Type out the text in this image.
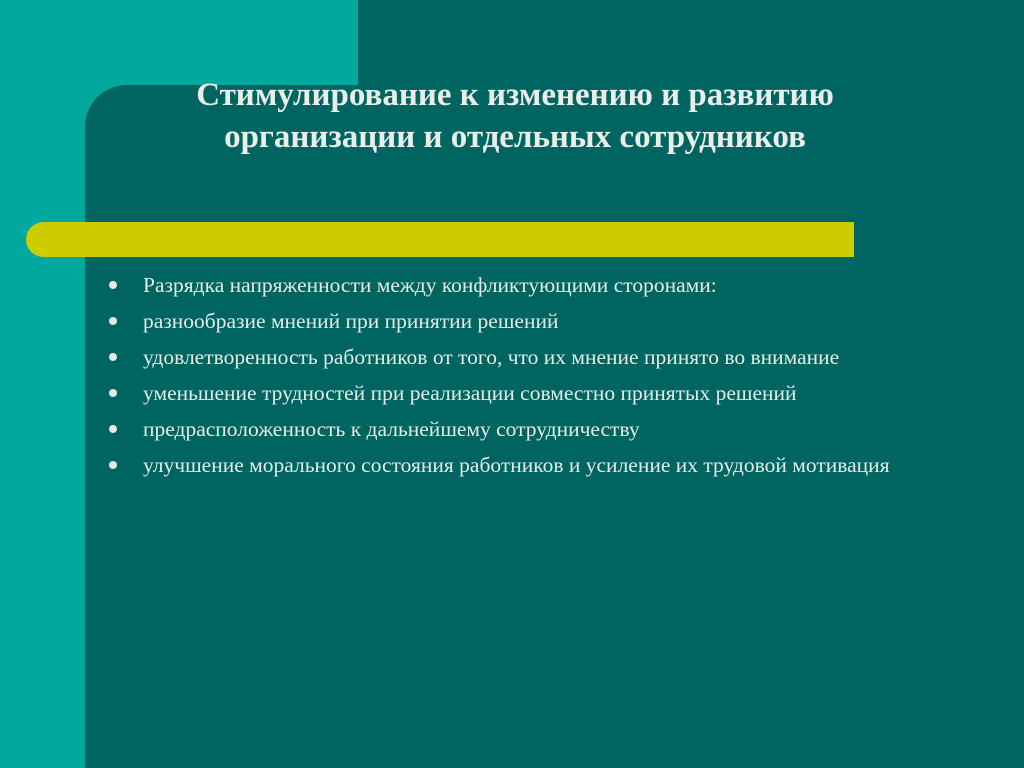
Стимулирование к изменению и развитию организации и отдельных сотрудников
Разрядка напряженности между конфликтующими сторонами:
разнообразие мнений при принятии решений
удовлетворенность работников от того, что их мнение принято во внимание
уменьшение трудностей при реализации совместно принятых решений
предрасположенность к дальнейшему сотрудничеству
улучшение морального состояния работников и усиление их трудовой мотивация
